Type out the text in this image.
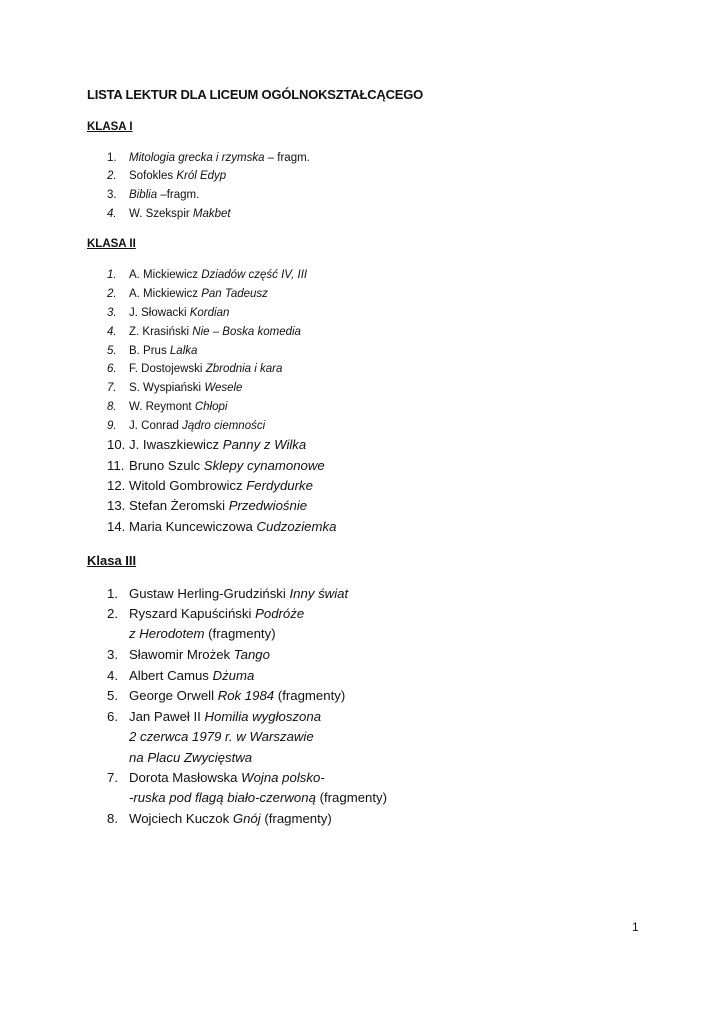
LISTA LEKTUR DLA LICEUM OGÓLNOKSZTAŁCĄCEGO
KLASA I
1. Mitologia grecka i rzymska – fragm.
2. Sofokles Król Edyp
3. Biblia –fragm.
4. W. Szekspir Makbet
KLASA II
1. A. Mickiewicz Dziadów część IV, III
2. A. Mickiewicz Pan Tadeusz
3. J. Słowacki Kordian
4. Z. Krasiński Nie – Boska komedia
5. B. Prus Lalka
6. F. Dostojewski Zbrodnia i kara
7. S. Wyspiański Wesele
8. W. Reymont Chłopi
9. J. Conrad Jądro ciemności
10. J. Iwaszkiewicz Panny z Wilka
11. Bruno Szulc Sklepy cynamonowe
12. Witold Gombrowicz Ferdydurke
13. Stefan Żeromski Przedwiośnie
14. Maria Kuncewiczowa Cudzoziemka
Klasa III
1. Gustaw Herling-Grudziński Inny świat
2. Ryszard Kapuściński Podróże
z Herodotem (fragmenty)
3. Sławomir Mrożek Tango
4. Albert Camus Dżuma
5. George Orwell Rok 1984 (fragmenty)
6. Jan Paweł II Homilia wygłoszona
2 czerwca 1979 r. w Warszawie
na Placu Zwycięstwa
7. Dorota Masłowska Wojna polsko-
-ruska pod flagą biało-czerwoną (fragmenty)
8. Wojciech Kuczok Gnój (fragmenty)
1
